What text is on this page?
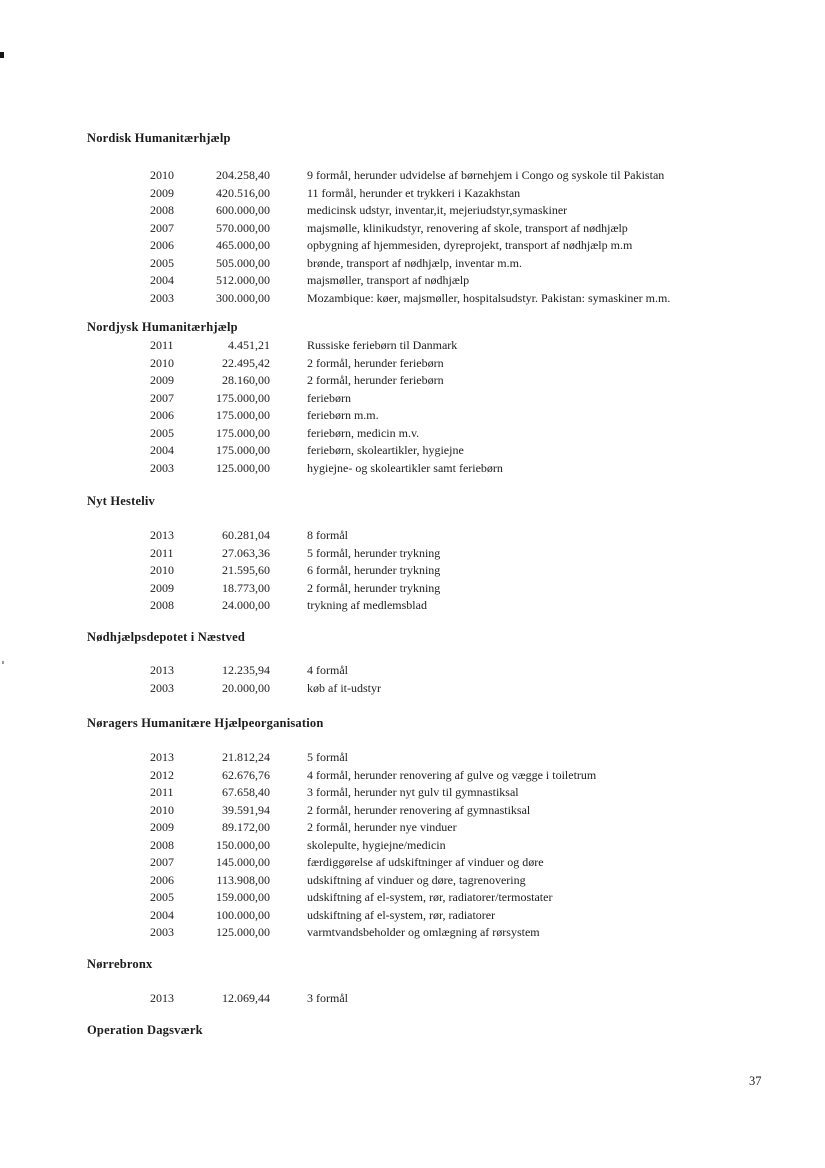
Nordisk Humanitærhjælp
2010	204.258,40	9 formål, herunder udvidelse af børnehjem i Congo og syskole til Pakistan
2009	420.516,00	11 formål, herunder et trykkeri i Kazakhstan
2008	600.000,00	medicinsk udstyr, inventar,it, mejeriudstyr,symaskiner
2007	570.000,00	majsmølle, klinikudstyr, renovering af skole, transport af nødhjælp
2006	465.000,00	opbygning af hjemmesiden, dyreprojekt, transport af nødhjælp m.m
2005	505.000,00	brønde, transport af nødhjælp, inventar m.m.
2004	512.000,00	majsmøller, transport af nødhjælp
2003	300.000,00	Mozambique: køer, majsmøller, hospitalsudstyr. Pakistan: symaskiner m.m.
Nordjysk Humanitærhjælp
2011	4.451,21	Russiske feriebørn til Danmark
2010	22.495,42	2 formål, herunder feriebørn
2009	28.160,00	2 formål, herunder feriebørn
2007	175.000,00	feriebørn
2006	175.000,00	feriebørn m.m.
2005	175.000,00	feriebørn, medicin m.v.
2004	175.000,00	feriebørn, skoleartikler, hygiejne
2003	125.000,00	hygiejne- og skoleartikler samt feriebørn
Nyt Hesteliv
2013	60.281,04	8 formål
2011	27.063,36	5 formål, herunder trykning
2010	21.595,60	6 formål, herunder trykning
2009	18.773,00	2 formål, herunder trykning
2008	24.000,00	trykning af medlemsblad
Nødhjælpsdepotet i Næstved
2013	12.235,94	4 formål
2003	20.000,00	køb af it-udstyr
Nøragers Humanitære Hjælpeorganisation
2013	21.812,24	5 formål
2012	62.676,76	4 formål, herunder renovering af gulve og vægge i toiletrum
2011	67.658,40	3 formål, herunder nyt gulv til gymnastiksal
2010	39.591,94	2 formål, herunder renovering af gymnastiksal
2009	89.172,00	2 formål, herunder nye vinduer
2008	150.000,00	skolepulte, hygiejne/medicin
2007	145.000,00	færdiggørelse af udskiftninger af vinduer og døre
2006	113.908,00	udskiftning af vinduer og døre, tagrenovering
2005	159.000,00	udskiftning af el-system, rør, radiatorer/termostater
2004	100.000,00	udskiftning af el-system, rør, radiatorer
2003	125.000,00	varmtvandsbeholder og omlægning af rørsystem
Nørrebronx
2013	12.069,44	3 formål
Operation Dagsværk
37
